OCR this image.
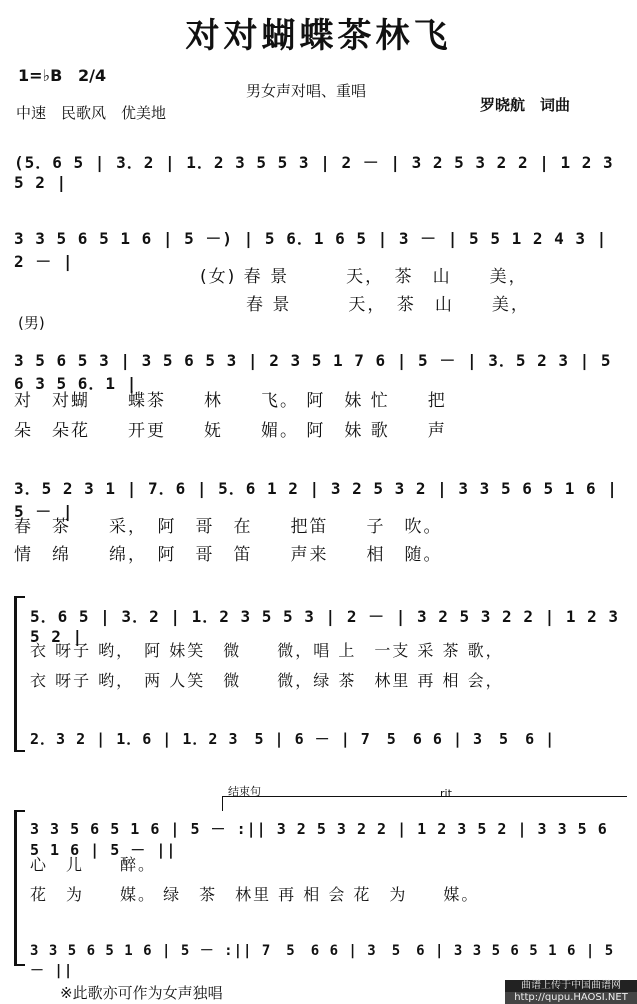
对对蝴蝶茶林飞
1=♭B 2/4
中速　民歌风　优美地
男女声对唱、重唱
罗晓航　词曲
(5．6 5 | 3．2 | 1．2 3 5 5 3 | 2 － | 3 2 5 3 2 2 | 1 2 3 5 2 |
3 3 5 6 5 1 6 | 5 －) | 5 6．1 6 5 | 3 － | 5 5 1 2 4 3 | 2 － |
(女) 春 景　　　天，　茶　山　　美，
春 景　　　天，　茶　山　　美，
(男)
3 5 6 5 3 | 3 5 6 5 3 | 2 3 5 1 7 6 | 5 － | 3．5 2 3 | 5 6 3 5 6．1 |
对　对蝴　　蝶茶　　林　　飞。 阿　妹 忙　　把
朵　朵花　　开更　　妩　　媚。 阿　妹 歌　　声
3．5 2 3 1 | 7．6 | 5．6 1 2 | 3 2 5 3 2 | 3 3 5 6 5 1 6 | 5 － |
春　茶　　采，　阿　哥　在　　把笛　　子　吹。
情　绵　　绵，　阿　哥　笛　　声来　　相　随。
5．6 5 | 3．2 | 1．2 3 5 5 3 | 2 － | 3 2 5 3 2 2 | 1 2 3 5 2 |
衣 呀子 哟，　阿 妹笑　微　　微，唱 上　一支 采 茶 歌，
衣 呀子 哟，　两 人笑　微　　微，绿 茶　林里 再 相 会，
2．3 2 | 1．6 | 1．2 3　5 | 6 － | 7　5　6 6 | 3　5　6 |
结束句	rit
3 3 5 6 5 1 6 | 5 － :|| 3 2 5 3 2 2 | 1 2 3 5 2 | 3 3 5 6 5 1 6 | 5 － ||
心　儿　　醉。
花　为　　媒。 绿　茶　林里 再 相 会 花　为　　媒。
3 3 5 6 5 1 6 | 5 － :|| 7　5　6 6 | 3　5　6 | 3 3 5 6 5 1 6 | 5 － ||
※此歌亦可作为女声独唱	曲谱上传于中国曲谱网
http://qupu.HAOSI.NET
